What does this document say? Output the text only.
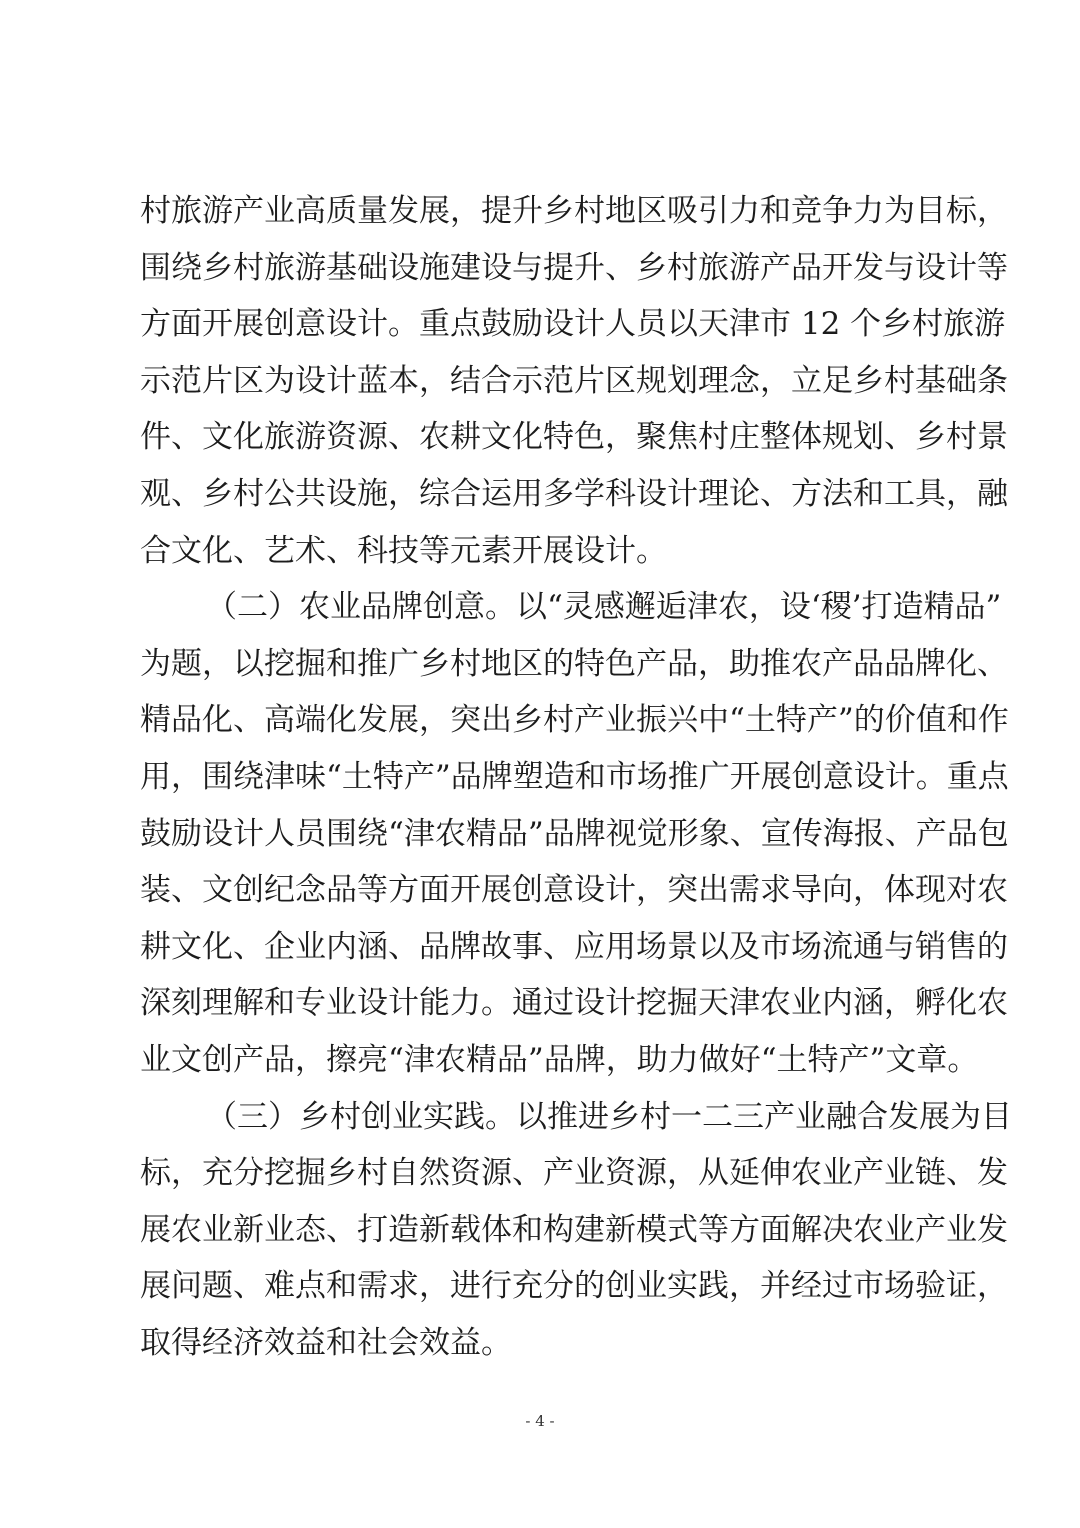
村旅游产业高质量发展，提升乡村地区吸引力和竞争力为目标，
围绕乡村旅游基础设施建设与提升、乡村旅游产品开发与设计等
方面开展创意设计。重点鼓励设计人员以天津市 12 个乡村旅游
示范片区为设计蓝本，结合示范片区规划理念，立足乡村基础条
件、文化旅游资源、农耕文化特色，聚焦村庄整体规划、乡村景
观、乡村公共设施，综合运用多学科设计理论、方法和工具，融
合文化、艺术、科技等元素开展设计。
（二）农业品牌创意。以“灵感邂逅津农，设‘稷’打造精品”
为题，以挖掘和推广乡村地区的特色产品，助推农产品品牌化、
精品化、高端化发展，突出乡村产业振兴中“土特产”的价值和作
用，围绕津味“土特产”品牌塑造和市场推广开展创意设计。重点
鼓励设计人员围绕“津农精品”品牌视觉形象、宣传海报、产品包
装、文创纪念品等方面开展创意设计，突出需求导向，体现对农
耕文化、企业内涵、品牌故事、应用场景以及市场流通与销售的
深刻理解和专业设计能力。通过设计挖掘天津农业内涵，孵化农
业文创产品，擦亮“津农精品”品牌，助力做好“土特产”文章。
（三）乡村创业实践。以推进乡村一二三产业融合发展为目
标，充分挖掘乡村自然资源、产业资源，从延伸农业产业链、发
展农业新业态、打造新载体和构建新模式等方面解决农业产业发
展问题、难点和需求，进行充分的创业实践，并经过市场验证，
取得经济效益和社会效益。
- 4 -
